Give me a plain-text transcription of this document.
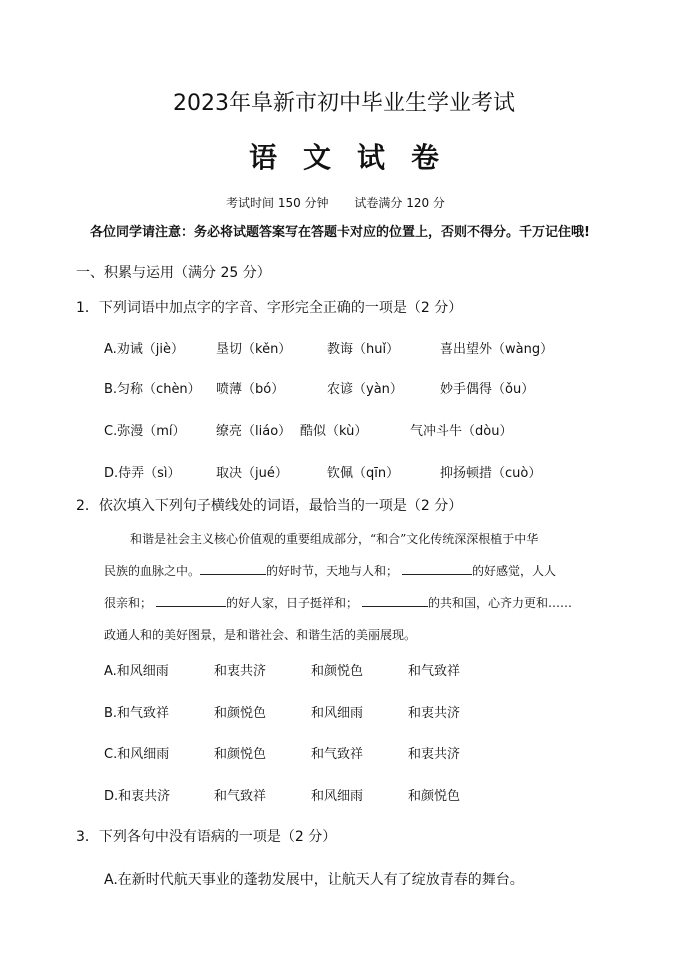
2023年阜新市初中毕业生学业考试
语文试卷
考试时间 150 分钟 试卷满分 120 分
各位同学请注意：务必将试题答案写在答题卡对应的位置上，否则不得分。千万记住哦!
一、积累与运用（满分 25 分）
1．下列词语中加点字的字音、字形完全正确的一项是（2 分）
A.劝诫（jiè） 垦切（kěn）	教诲（huǐ）	喜出望外（wàng）
B.匀称（chèn） 喷薄（bó）	农谚（yàn）	妙手偶得（ǒu）
C.弥漫（mí） 缭亮（liáo） 酷似（kù）	气冲斗牛（dòu）
D.侍弄（sì）	取决（jué）	钦佩（qīn）	抑扬顿措（cuò）
2．依次填入下列句子横线处的词语，最恰当的一项是（2 分）
和谐是社会主义核心价值观的重要组成部分，“和合”文化传统深深根植于中华
民族的血脉之中。	的好时节，天地与人和；	的好感觉，人人
很亲和；	的好人家，日子挺祥和；	的共和国，心齐力更和……
政通人和的美好图景，是和谐社会、和谐生活的美丽展现。
A.和风细雨	和衷共济	和颜悦色	和气致祥
B.和气致祥	和颜悦色	和风细雨	和衷共济
C.和风细雨	和颜悦色	和气致祥	和衷共济
D.和衷共济	和气致祥	和风细雨	和颜悦色
3．下列各句中没有语病的一项是（2 分）
A.在新时代航天事业的蓬勃发展中，让航天人有了绽放青春的舞台。
